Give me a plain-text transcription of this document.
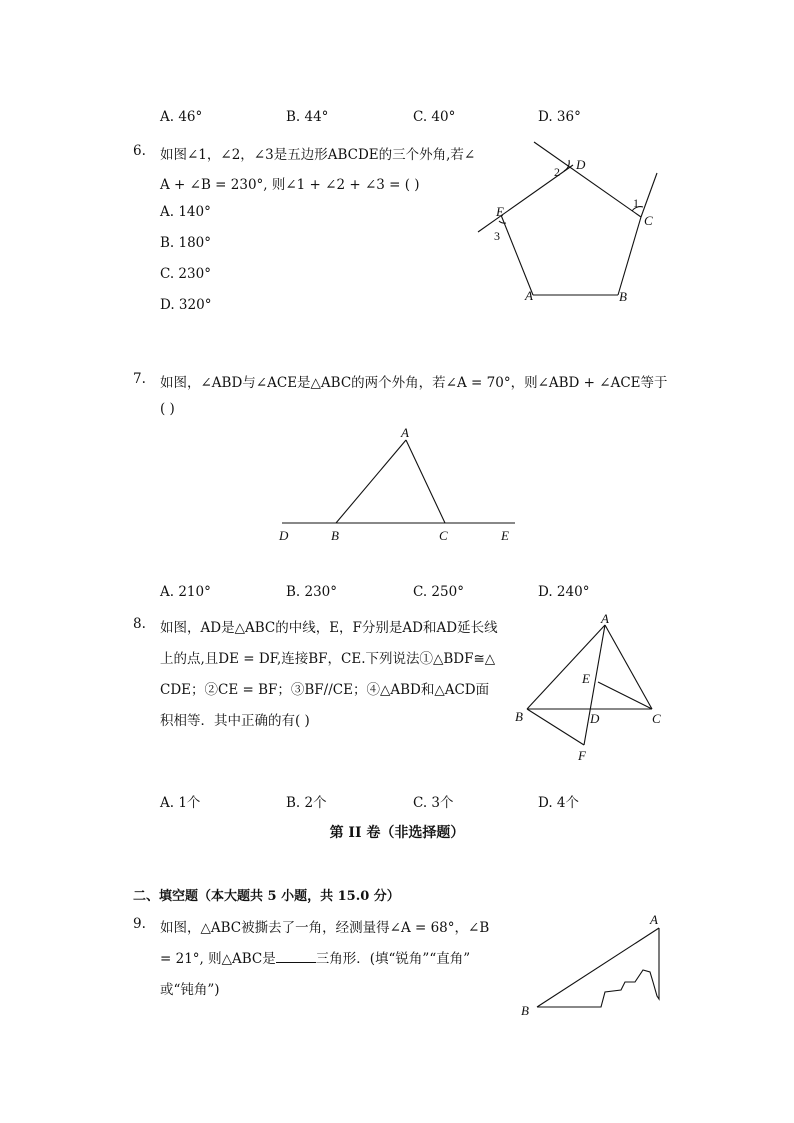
A. 46°	B. 44°	C. 40°	D. 36°
6. 如图∠1，∠2，∠3是五边形ABCDE的三个外角,若∠
A + ∠B = 230°, 则∠1 + ∠2 + ∠3 = ( )
A. 140°
B. 180°
C. 230°
D. 320°
A	B
C
D
E
1
2
3
7. 如图，∠ABD与∠ACE是△ABC的两个外角，若∠A = 70°，则∠ABD + ∠ACE等于
( )
A
B	C
D	E
A. 210°	B. 230°	C. 250°	D. 240°
8. 如图，AD是△ABC的中线，E，F分别是AD和AD延长线
上的点,且DE = DF,连接BF，CE.下列说法①△BDF≅△
CDE；②CE = BF；③BF//CE；④△ABD和△ACD面
积相等．其中正确的有( )
A
B	C
D
E
F
A. 1个	B. 2个	C. 3个	D. 4个
第 II 卷（非选择题）
二、填空题（本大题共 5 小题，共 15.0 分）
9. 如图，△ABC被撕去了一角，经测量得∠A = 68°，∠B
= 21°, 则△ABC是	三角形．(填“锐角”“直角”
或“钝角”)
A
B
